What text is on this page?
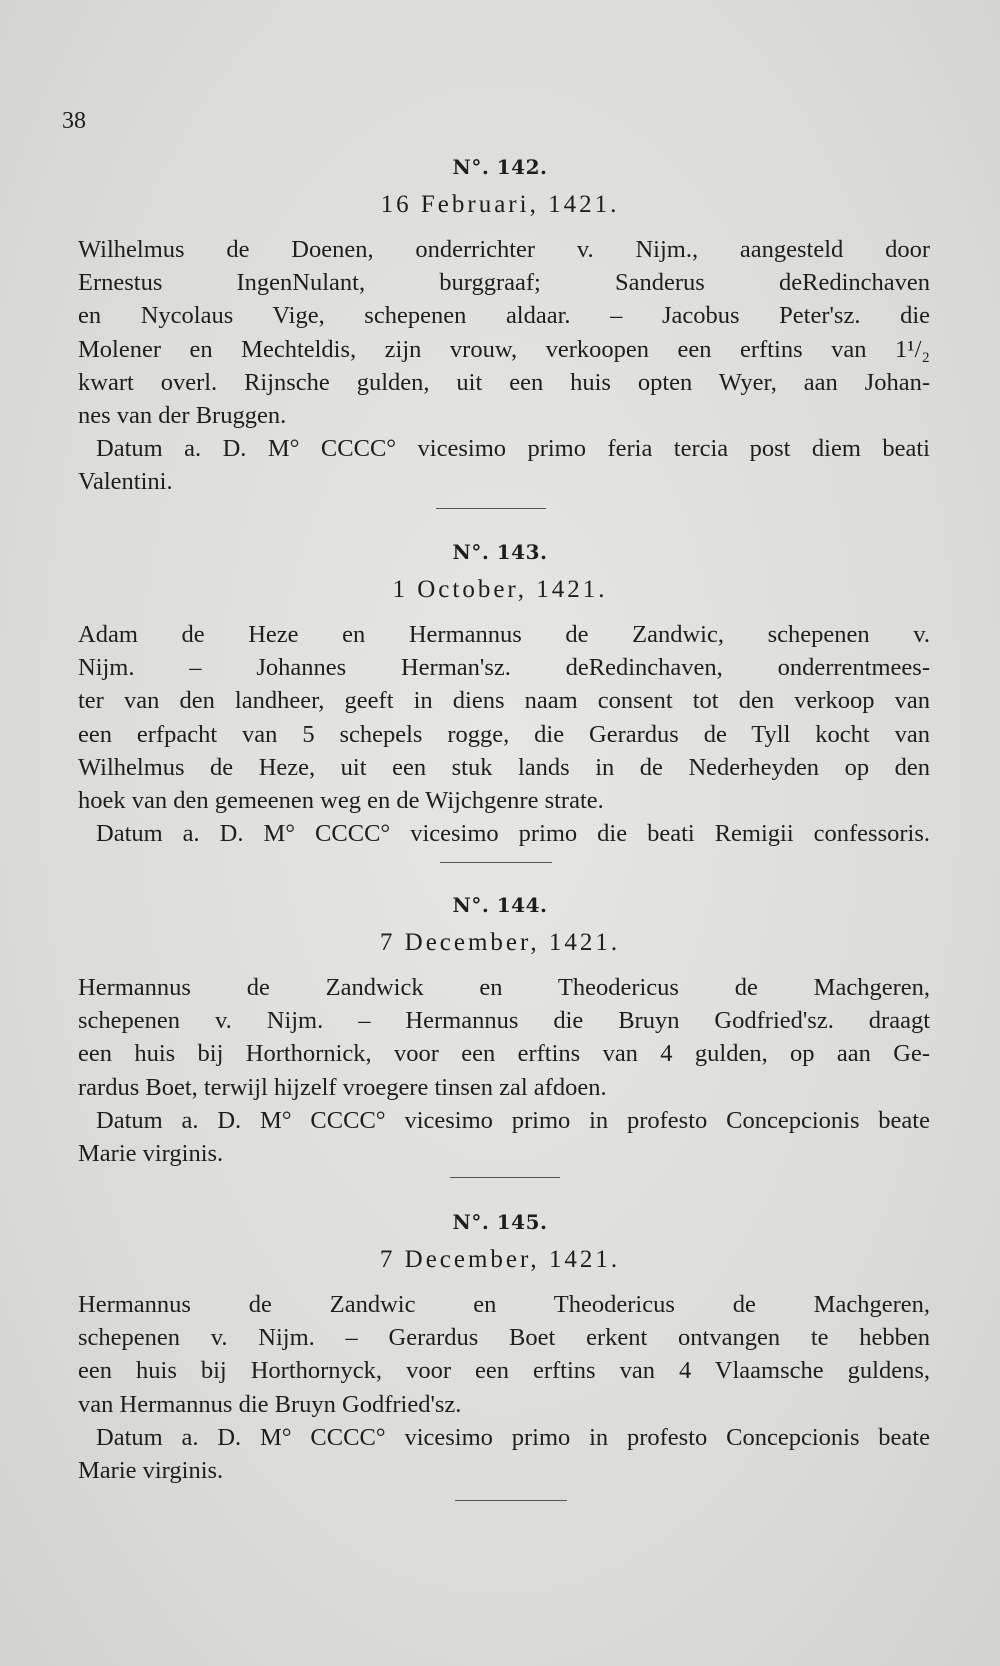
38
N°. 142.
16 Februari, 1421.
Wilhelmus de Doenen, onderrichter v. Nijm., aangesteld door
Ernestus IngenNulant, burggraaf; Sanderus deRedinchaven
en Nycolaus Vige, schepenen aldaar. – Jacobus Peter'sz. die
Molener en Mechteldis, zijn vrouw, verkoopen een erftins van 1¹/₂
kwart overl. Rijnsche gulden, uit een huis opten Wyer, aan Johan-
nes van der Bruggen.
Datum a. D. M° CCCC° vicesimo primo feria tercia post diem beati
Valentini.
N°. 143.
1 October, 1421.
Adam de Heze en Hermannus de Zandwic, schepenen v.
Nijm. – Johannes Herman'sz. deRedinchaven, onderrentmees-
ter van den landheer, geeft in diens naam consent tot den verkoop van
een erfpacht van 5 schepels rogge, die Gerardus de Tyll kocht van
Wilhelmus de Heze, uit een stuk lands in de Nederheyden op den
hoek van den gemeenen weg en de Wijchgenre strate.
Datum a. D. M° CCCC° vicesimo primo die beati Remigii confessoris.
N°. 144.
7 December, 1421.
Hermannus de Zandwick en Theodericus de Machgeren,
schepenen v. Nijm. – Hermannus die Bruyn Godfried'sz. draagt
een huis bij Horthornick, voor een erftins van 4 gulden, op aan Ge-
rardus Boet, terwijl hijzelf vroegere tinsen zal afdoen.
Datum a. D. M° CCCC° vicesimo primo in profesto Concepcionis beate
Marie virginis.
N°. 145.
7 December, 1421.
Hermannus de Zandwic en Theodericus de Machgeren,
schepenen v. Nijm. – Gerardus Boet erkent ontvangen te hebben
een huis bij Horthornyck, voor een erftins van 4 Vlaamsche guldens,
van Hermannus die Bruyn Godfried'sz.
Datum a. D. M° CCCC° vicesimo primo in profesto Concepcionis beate
Marie virginis.
